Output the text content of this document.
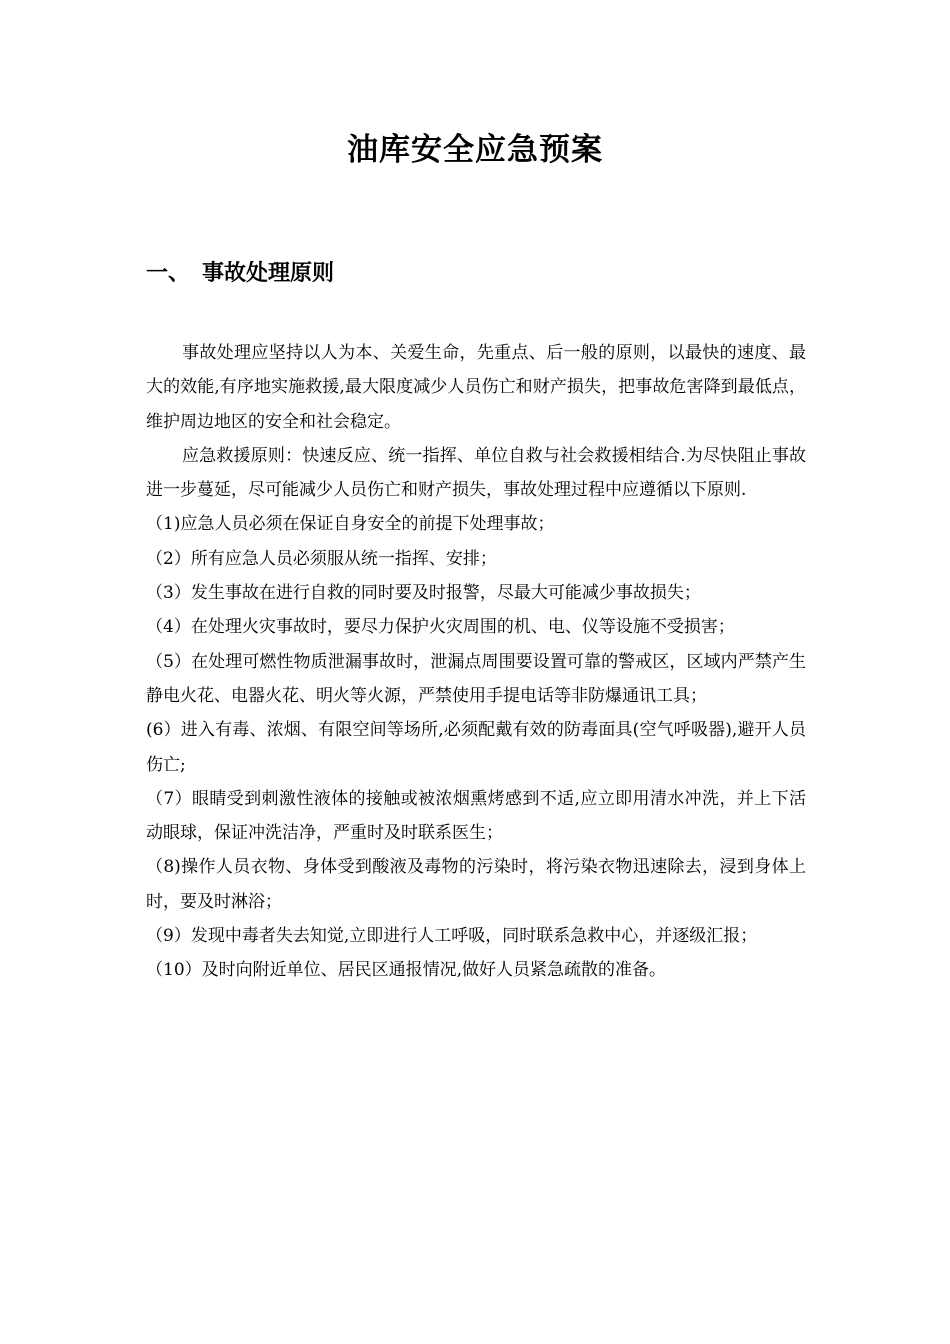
油库安全应急预案
一、 事故处理原则

事故处理应坚持以人为本、关爱生命，先重点、后一般的原则，以最快的速度、最大的效能,有序地实施救援,最大限度减少人员伤亡和财产损失，把事故危害降到最低点，维护周边地区的安全和社会稳定。

应急救援原则：快速反应、统一指挥、单位自救与社会救援相结合.为尽快阻止事故进一步蔓延，尽可能减少人员伤亡和财产损失，事故处理过程中应遵循以下原则.

（1)应急人员必须在保证自身安全的前提下处理事故；

（2）所有应急人员必须服从统一指挥、安排；

（3）发生事故在进行自救的同时要及时报警，尽最大可能减少事故损失；

（4）在处理火灾事故时，要尽力保护火灾周围的机、电、仪等设施不受损害；

（5）在处理可燃性物质泄漏事故时，泄漏点周围要设置可靠的警戒区，区域内严禁产生静电火花、电器火花、明火等火源，严禁使用手提电话等非防爆通讯工具；

(6）进入有毒、浓烟、有限空间等场所,必须配戴有效的防毒面具(空气呼吸器),避开人员伤亡;

（7）眼睛受到刺激性液体的接触或被浓烟熏烤感到不适,应立即用清水冲洗，并上下活动眼球，保证冲洗洁净，严重时及时联系医生；

（8)操作人员衣物、身体受到酸液及毒物的污染时，将污染衣物迅速除去，浸到身体上时，要及时淋浴；

（9）发现中毒者失去知觉,立即进行人工呼吸，同时联系急救中心，并逐级汇报；

（10）及时向附近单位、居民区通报情况,做好人员紧急疏散的准备。
